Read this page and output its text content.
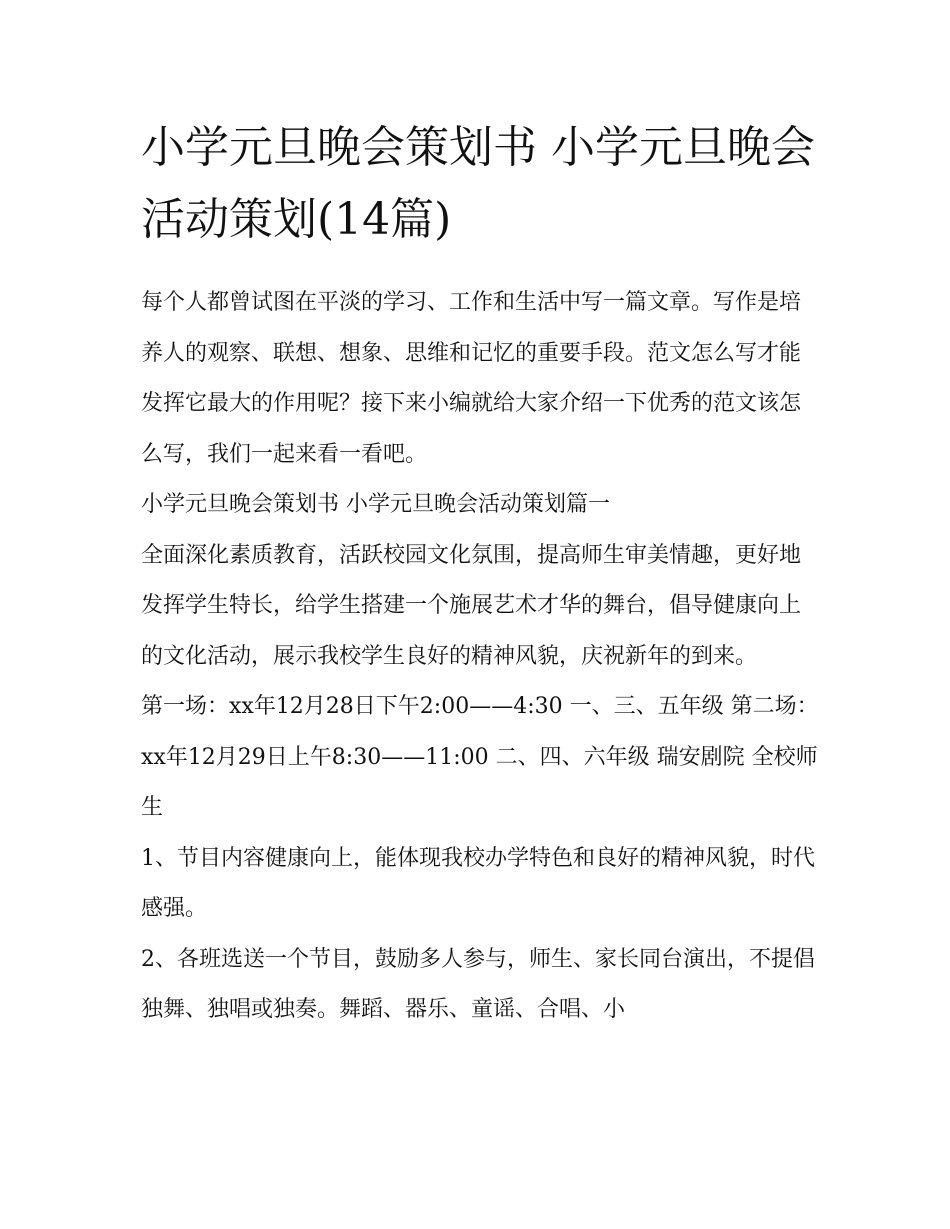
小学元旦晚会策划书 小学元旦晚会活动策划(14篇)

每个人都曾试图在平淡的学习、工作和生活中写一篇文章。写作是培养人的观察、联想、想象、思维和记忆的重要手段。范文怎么写才能发挥它最大的作用呢？接下来小编就给大家介绍一下优秀的范文该怎么写，我们一起来看一看吧。

小学元旦晚会策划书 小学元旦晚会活动策划篇一

全面深化素质教育，活跃校园文化氛围，提高师生审美情趣，更好地发挥学生特长，给学生搭建一个施展艺术才华的舞台，倡导健康向上的文化活动，展示我校学生良好的精神风貌，庆祝新年的到来。

第一场：xx年12月28日下午2:00——4:30 一、三、五年级 第二场：xx年12月29日上午8:30——11:00 二、四、六年级 瑞安剧院 全校师生

1、节目内容健康向上，能体现我校办学特色和良好的精神风貌，时代感强。

2、各班选送一个节目，鼓励多人参与，师生、家长同台演出，不提倡独舞、独唱或独奏。舞蹈、器乐、童谣、合唱、小
